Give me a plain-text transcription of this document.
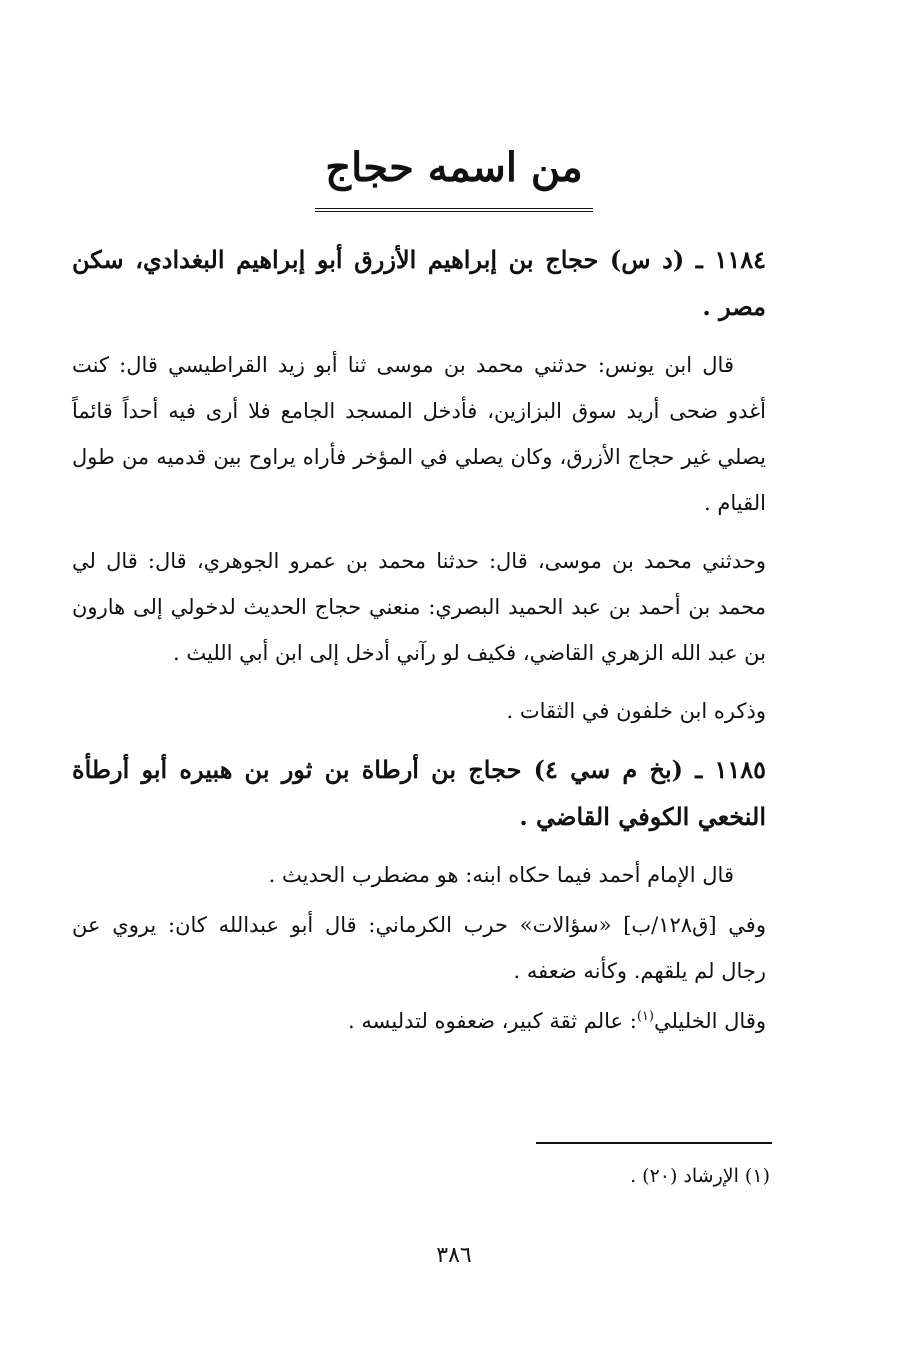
من اسمه حجاج
١١٨٤ ـ (د س) حجاج بن إبراهيم الأزرق أبو إبراهيم البغدادي، سكن مصر .

قال ابن يونس: حدثني محمد بن موسى ثنا أبو زيد القراطيسي قال: كنت أغدو ضحى أريد سوق البزازين، فأدخل المسجد الجامع فلا أرى فيه أحداً قائماً يصلي غير حجاج الأزرق، وكان يصلي في المؤخر فأراه يراوح بين قدميه من طول القيام .

وحدثني محمد بن موسى، قال: حدثنا محمد بن عمرو الجوهري، قال: قال لي محمد بن أحمد بن عبد الحميد البصري: منعني حجاج الحديث لدخولي إلى هارون بن عبد الله الزهري القاضي، فكيف لو رآني أدخل إلى ابن أبي الليث .

وذكره ابن خلفون في الثقات .

١١٨٥ ـ (بخ م سي ٤) حجاج بن أرطاة بن ثور بن هبيره أبو أرطأة النخعي الكوفي القاضي .

قال الإمام أحمد فيما حكاه ابنه: هو مضطرب الحديث .

وفي [ق١٢٨/ب] «سؤالات» حرب الكرماني: قال أبو عبدالله كان: يروي عن رجال لم يلقهم. وكأنه ضعفه .

وقال الخليلي$^{(١)}$: عالم ثقة كبير، ضعفوه لتدليسه .

(١) الإرشاد (٢٠) .
٣٨٦
